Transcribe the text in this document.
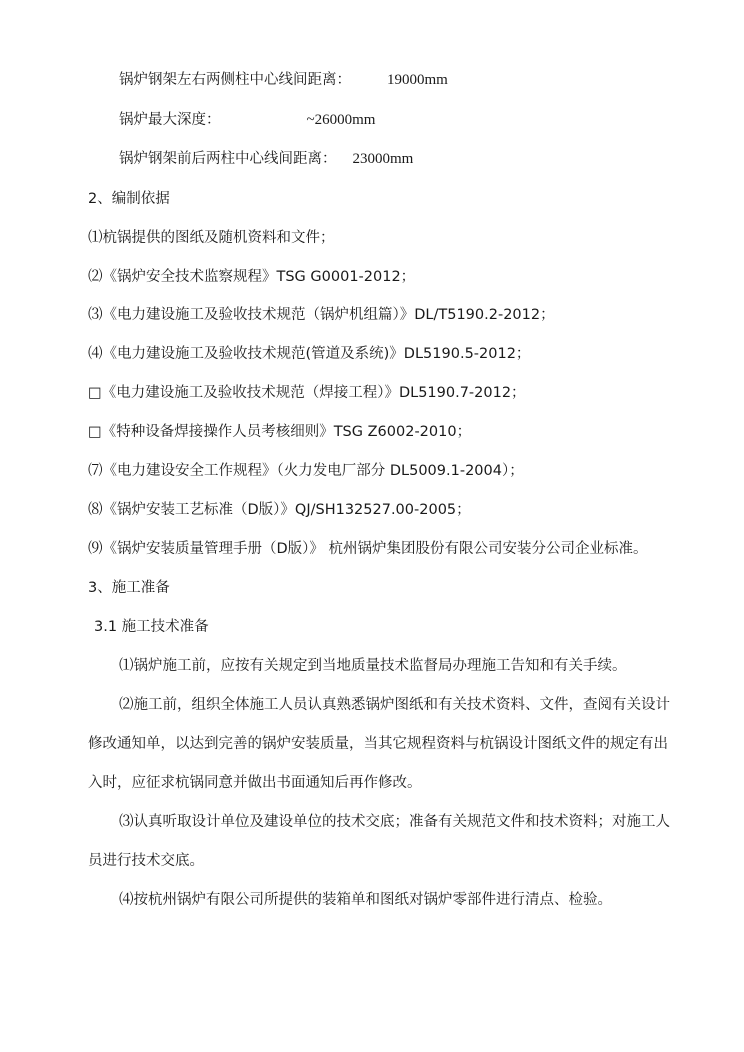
锅炉钢架左右两侧柱中心线间距离： 19000mm
锅炉最大深度：	~26000mm
锅炉钢架前后两柱中心线间距离： 23000mm
2、编制依据
⑴杭锅提供的图纸及随机资料和文件；
⑵《锅炉安全技术监察规程》TSG G0001-2012；
⑶《电力建设施工及验收技术规范（锅炉机组篇）》DL/T5190.2-2012；
⑷《电力建设施工及验收技术规范(管道及系统)》DL5190.5-2012；
□《电力建设施工及验收技术规范（焊接工程）》DL5190.7-2012；
□《特种设备焊接操作人员考核细则》TSG Z6002-2010；
⑺《电力建设安全工作规程》（火力发电厂部分 DL5009.1-2004）；
⑻《锅炉安装工艺标准（D版）》QJ/SH132527.00-2005；
⑼《锅炉安装质量管理手册（D版）》 杭州锅炉集团股份有限公司安装分公司企业标准。
3、施工准备
3.1 施工技术准备
⑴锅炉施工前，应按有关规定到当地质量技术监督局办理施工告知和有关手续。
⑵施工前，组织全体施工人员认真熟悉锅炉图纸和有关技术资料、文件，查阅有关设计
修改通知单，以达到完善的锅炉安装质量，当其它规程资料与杭锅设计图纸文件的规定有出
入时，应征求杭锅同意并做出书面通知后再作修改。
⑶认真听取设计单位及建设单位的技术交底；准备有关规范文件和技术资料；对施工人
员进行技术交底。
⑷按杭州锅炉有限公司所提供的装箱单和图纸对锅炉零部件进行清点、检验。
